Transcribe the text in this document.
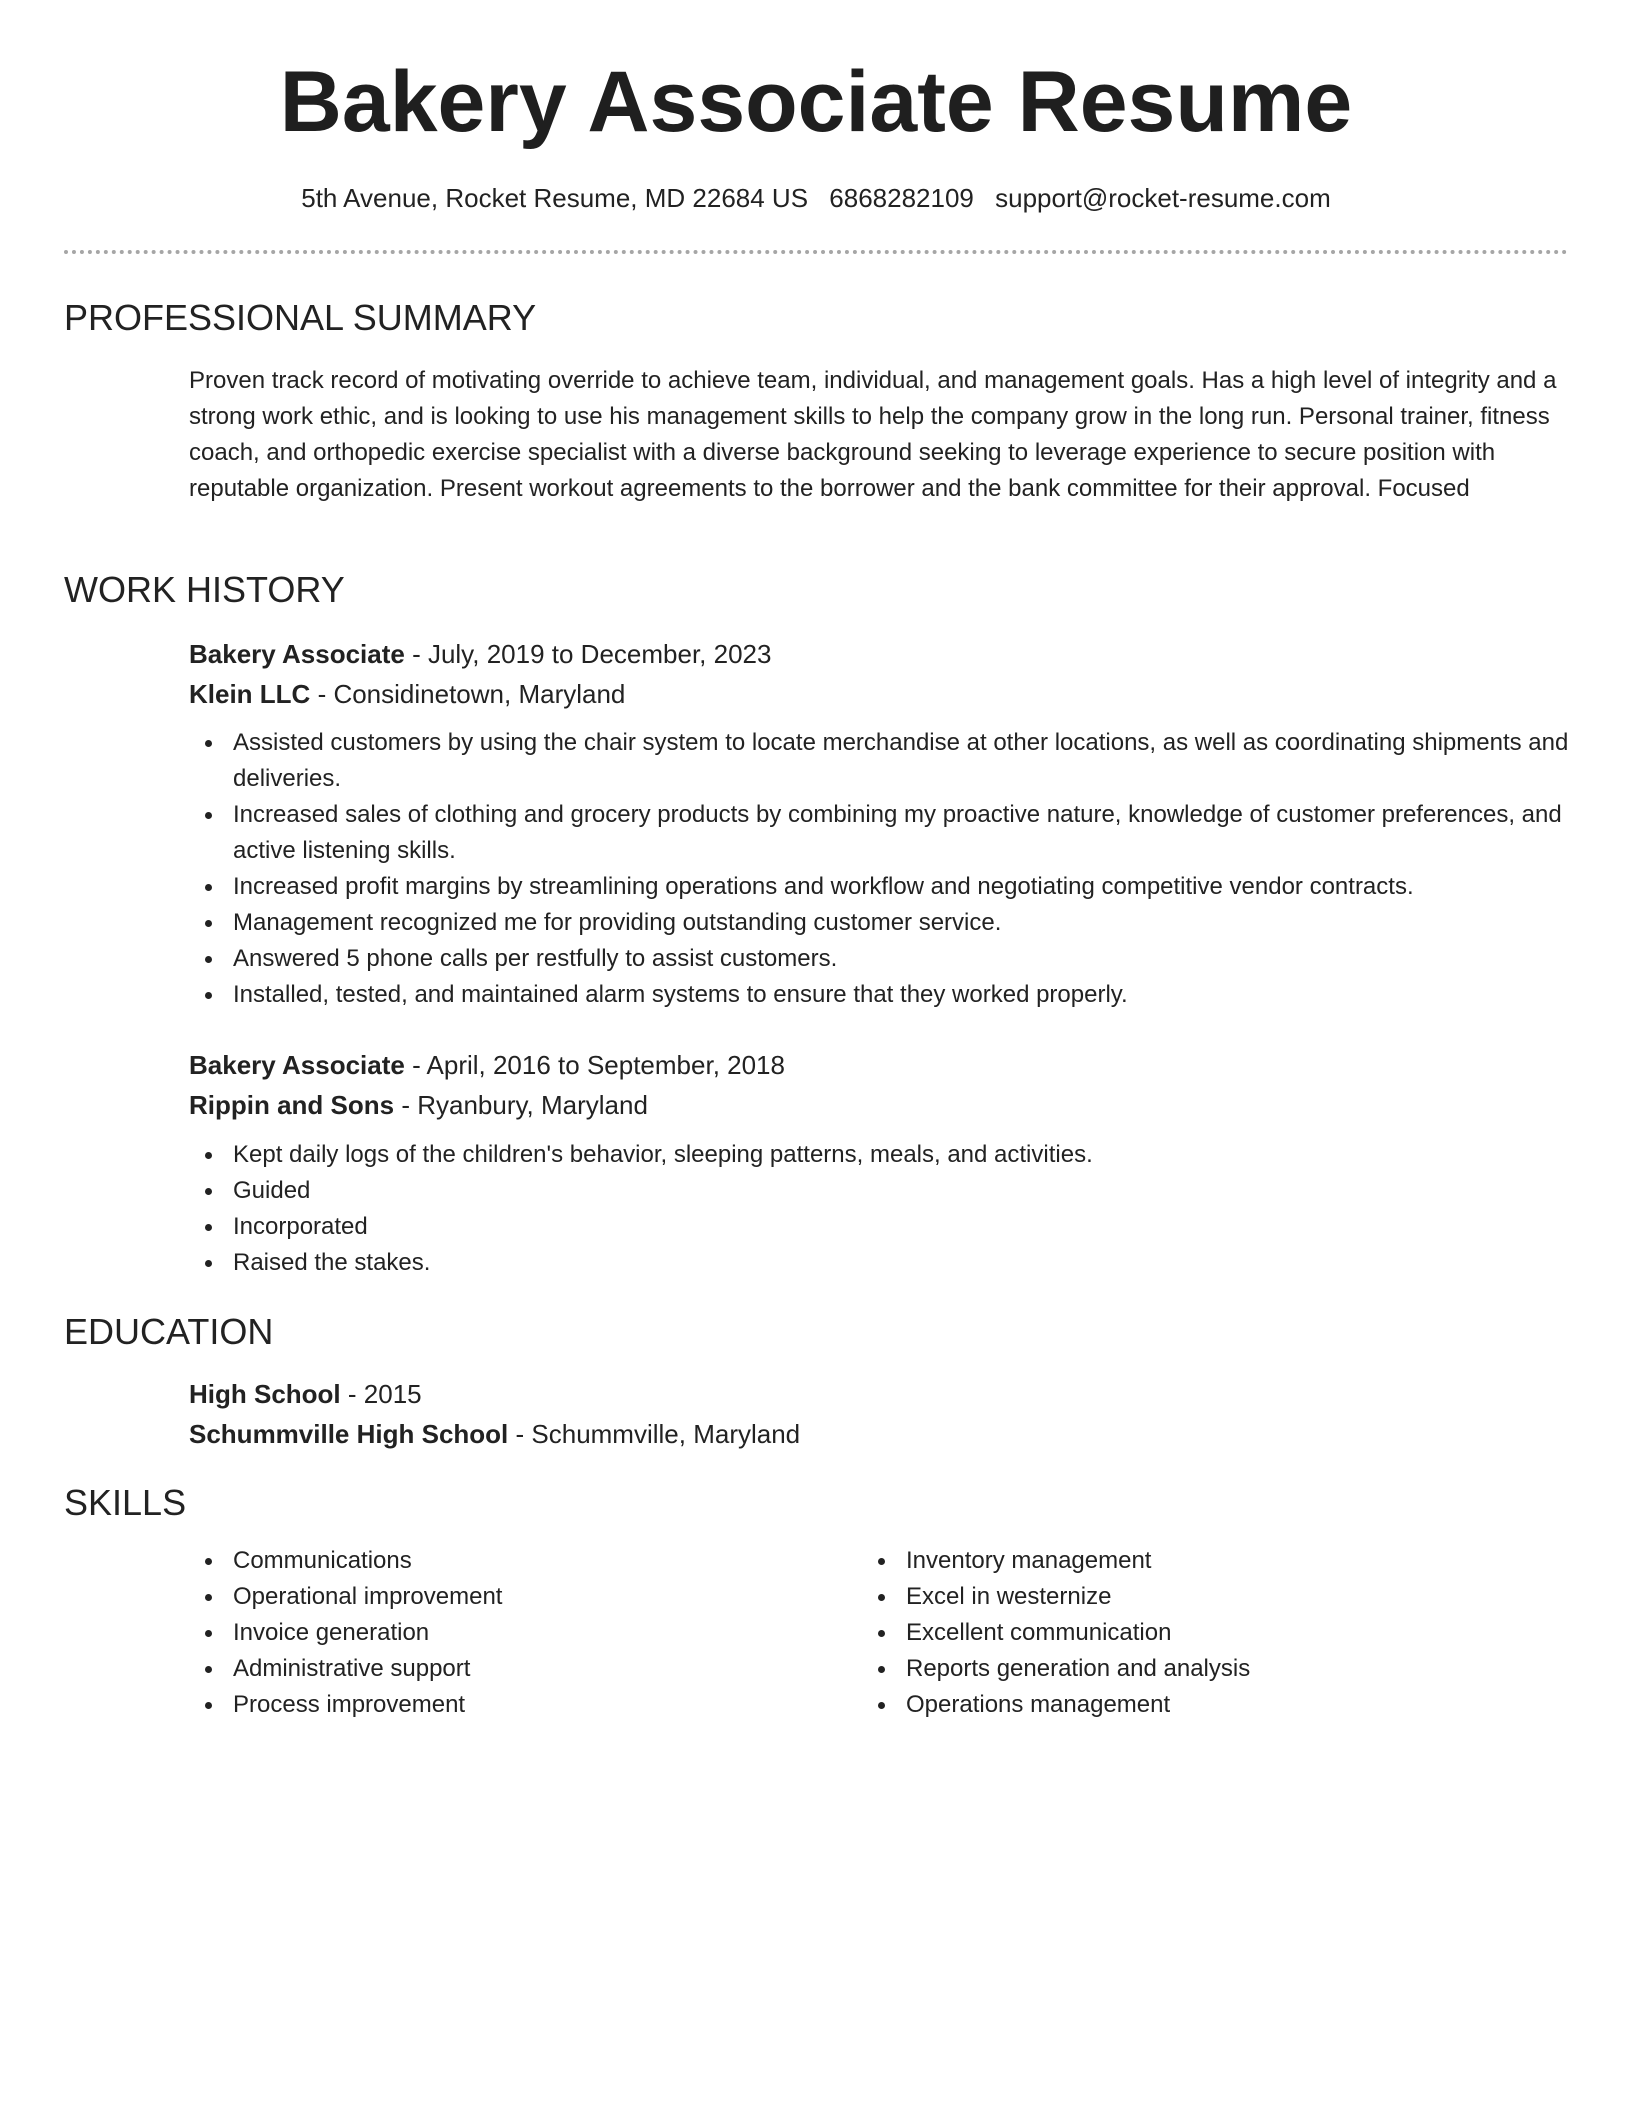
Bakery Associate Resume
5th Avenue, Rocket Resume, MD 22684 US 6868282109 support@rocket-resume.com
PROFESSIONAL SUMMARY
Proven track record of motivating override to achieve team, individual, and management goals. Has a high level of integrity and a strong work ethic, and is looking to use his management skills to help the company grow in the long run. Personal trainer, fitness coach, and orthopedic exercise specialist with a diverse background seeking to leverage experience to secure position with reputable organization. Present workout agreements to the borrower and the bank committee for their approval. Focused
WORK HISTORY
Bakery Associate - July, 2019 to December, 2023
Klein LLC - Considinetown, Maryland
Assisted customers by using the chair system to locate merchandise at other locations, as well as coordinating shipments and deliveries.
Increased sales of clothing and grocery products by combining my proactive nature, knowledge of customer preferences, and active listening skills.
Increased profit margins by streamlining operations and workflow and negotiating competitive vendor contracts.
Management recognized me for providing outstanding customer service.
Answered 5 phone calls per restfully to assist customers.
Installed, tested, and maintained alarm systems to ensure that they worked properly.
Bakery Associate - April, 2016 to September, 2018
Rippin and Sons - Ryanbury, Maryland
Kept daily logs of the children's behavior, sleeping patterns, meals, and activities.
Guided
Incorporated
Raised the stakes.
EDUCATION
High School - 2015
Schummville High School - Schummville, Maryland
SKILLS
Communications
Operational improvement
Invoice generation
Administrative support
Process improvement
Inventory management
Excel in westernize
Excellent communication
Reports generation and analysis
Operations management
